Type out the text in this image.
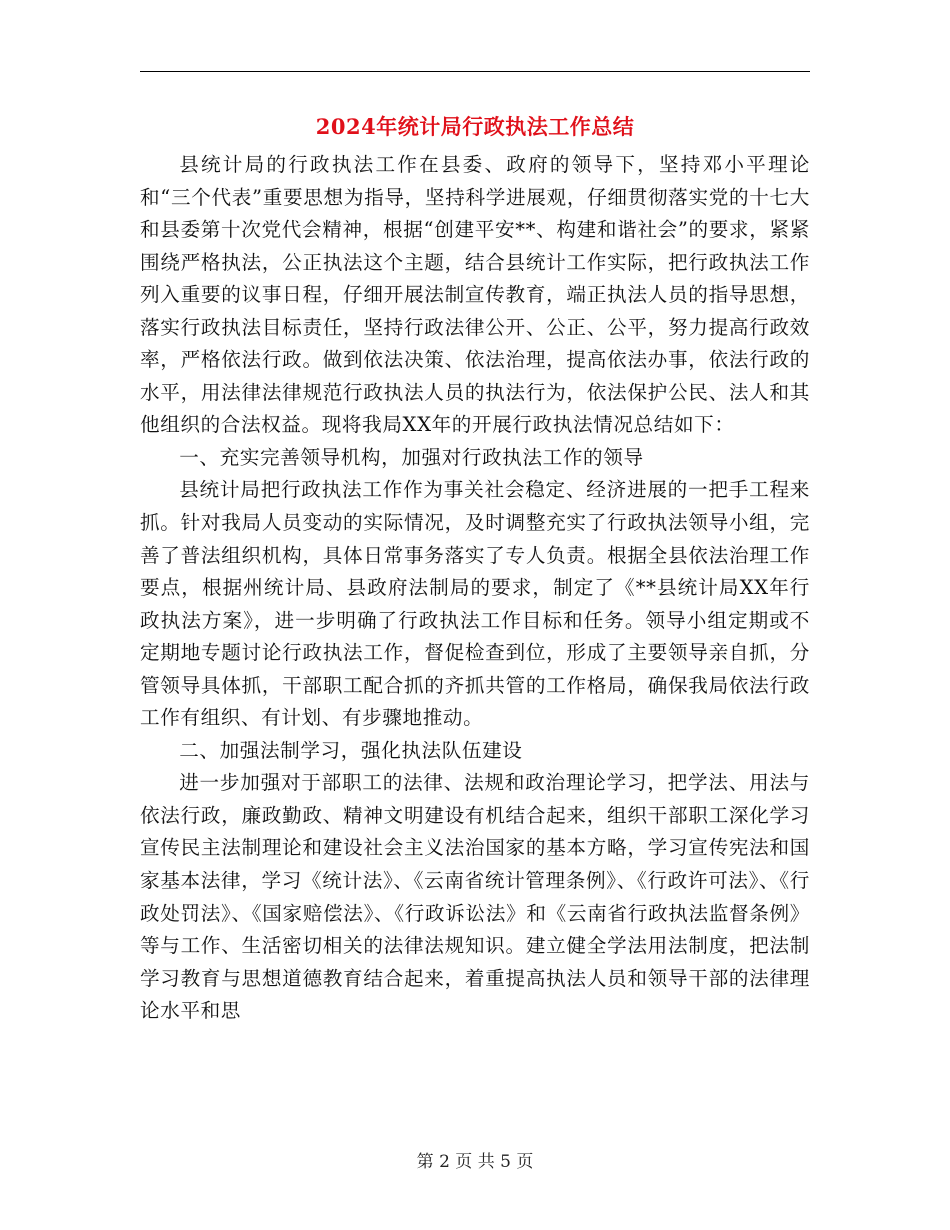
2024年统计局行政执法工作总结

县统计局的行政执法工作在县委、政府的领导下，坚持邓小平理论和“三个代表”重要思想为指导，坚持科学进展观，仔细贯彻落实党的十七大和县委第十次党代会精神，根据“创建平安**、构建和谐社会”的要求，紧紧围绕严格执法，公正执法这个主题，结合县统计工作实际，把行政执法工作列入重要的议事日程，仔细开展法制宣传教育，端正执法人员的指导思想，落实行政执法目标责任，坚持行政法律公开、公正、公平，努力提高行政效率，严格依法行政。做到依法决策、依法治理，提高依法办事，依法行政的水平，用法律法律规范行政执法人员的执法行为，依法保护公民、法人和其他组织的合法权益。现将我局XX年的开展行政执法情况总结如下：

一、充实完善领导机构，加强对行政执法工作的领导

县统计局把行政执法工作作为事关社会稳定、经济进展的一把手工程来抓。针对我局人员变动的实际情况，及时调整充实了行政执法领导小组，完善了普法组织机构，具体日常事务落实了专人负责。根据全县依法治理工作要点，根据州统计局、县政府法制局的要求，制定了《**县统计局XX年行政执法方案》，进一步明确了行政执法工作目标和任务。领导小组定期或不定期地专题讨论行政执法工作，督促检查到位，形成了主要领导亲自抓，分管领导具体抓，干部职工配合抓的齐抓共管的工作格局，确保我局依法行政工作有组织、有计划、有步骤地推动。

二、加强法制学习，强化执法队伍建设

进一步加强对于部职工的法律、法规和政治理论学习，把学法、用法与依法行政，廉政勤政、精神文明建设有机结合起来，组织干部职工深化学习宣传民主法制理论和建设社会主义法治国家的基本方略，学习宣传宪法和国家基本法律，学习《统计法》、《云南省统计管理条例》、《行政许可法》、《行政处罚法》、《国家赔偿法》、《行政诉讼法》和《云南省行政执法监督条例》等与工作、生活密切相关的法律法规知识。建立健全学法用法制度，把法制学习教育与思想道德教育结合起来，着重提高执法人员和领导干部的法律理论水平和思

第 2 页 共 5 页
